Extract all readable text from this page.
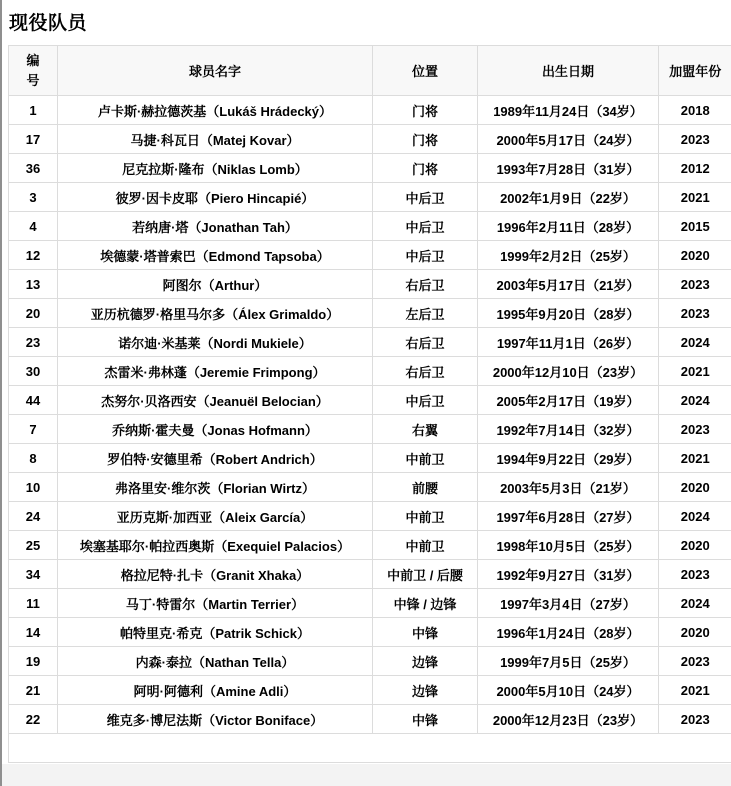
现役队员
编号	球员名字	位置	出生日期	加盟年份
1	卢卡斯·赫拉德茨基（Lukáš Hrádecký）	门将	1989年11月24日（34岁）	2018
17	马捷·科瓦日（Matej Kovar）	门将	2000年5月17日（24岁）	2023
36	尼克拉斯·隆布（Niklas Lomb）	门将	1993年7月28日（31岁）	2012
3	彼罗·因卡皮耶（Piero Hincapié）	中后卫	2002年1月9日（22岁）	2021
4	若纳唐·塔（Jonathan Tah）	中后卫	1996年2月11日（28岁）	2015
12	埃德蒙·塔普索巴（Edmond Tapsoba）	中后卫	1999年2月2日（25岁）	2020
13	阿图尔（Arthur）	右后卫	2003年5月17日（21岁）	2023
20	亚历杭德罗·格里马尔多（Álex Grimaldo）	左后卫	1995年9月20日（28岁）	2023
23	诺尔迪·米基莱（Nordi Mukiele）	右后卫	1997年11月1日（26岁）	2024
30	杰雷米·弗林蓬（Jeremie Frimpong）	右后卫	2000年12月10日（23岁）	2021
44	杰努尔·贝洛西安（Jeanuël Belocian）	中后卫	2005年2月17日（19岁）	2024
7	乔纳斯·霍夫曼（Jonas Hofmann）	右翼	1992年7月14日（32岁）	2023
8	罗伯特·安德里希（Robert Andrich）	中前卫	1994年9月22日（29岁）	2021
10	弗洛里安·维尔茨（Florian Wirtz）	前腰	2003年5月3日（21岁）	2020
24	亚历克斯·加西亚（Aleix García）	中前卫	1997年6月28日（27岁）	2024
25	埃塞基耶尔·帕拉西奥斯（Exequiel Palacios）	中前卫	1998年10月5日（25岁）	2020
34	格拉尼特·扎卡（Granit Xhaka）	中前卫 / 后腰	1992年9月27日（31岁）	2023
11	马丁·特雷尔（Martin Terrier）	中锋 / 边锋	1997年3月4日（27岁）	2024
14	帕特里克·希克（Patrik Schick）	中锋	1996年1月24日（28岁）	2020
19	内森·泰拉（Nathan Tella）	边锋	1999年7月5日（25岁）	2023
21	阿明·阿德利（Amine Adli）	边锋	2000年5月10日（24岁）	2021
22	维克多·博尼法斯（Victor Boniface）	中锋	2000年12月23日（23岁）	2023
